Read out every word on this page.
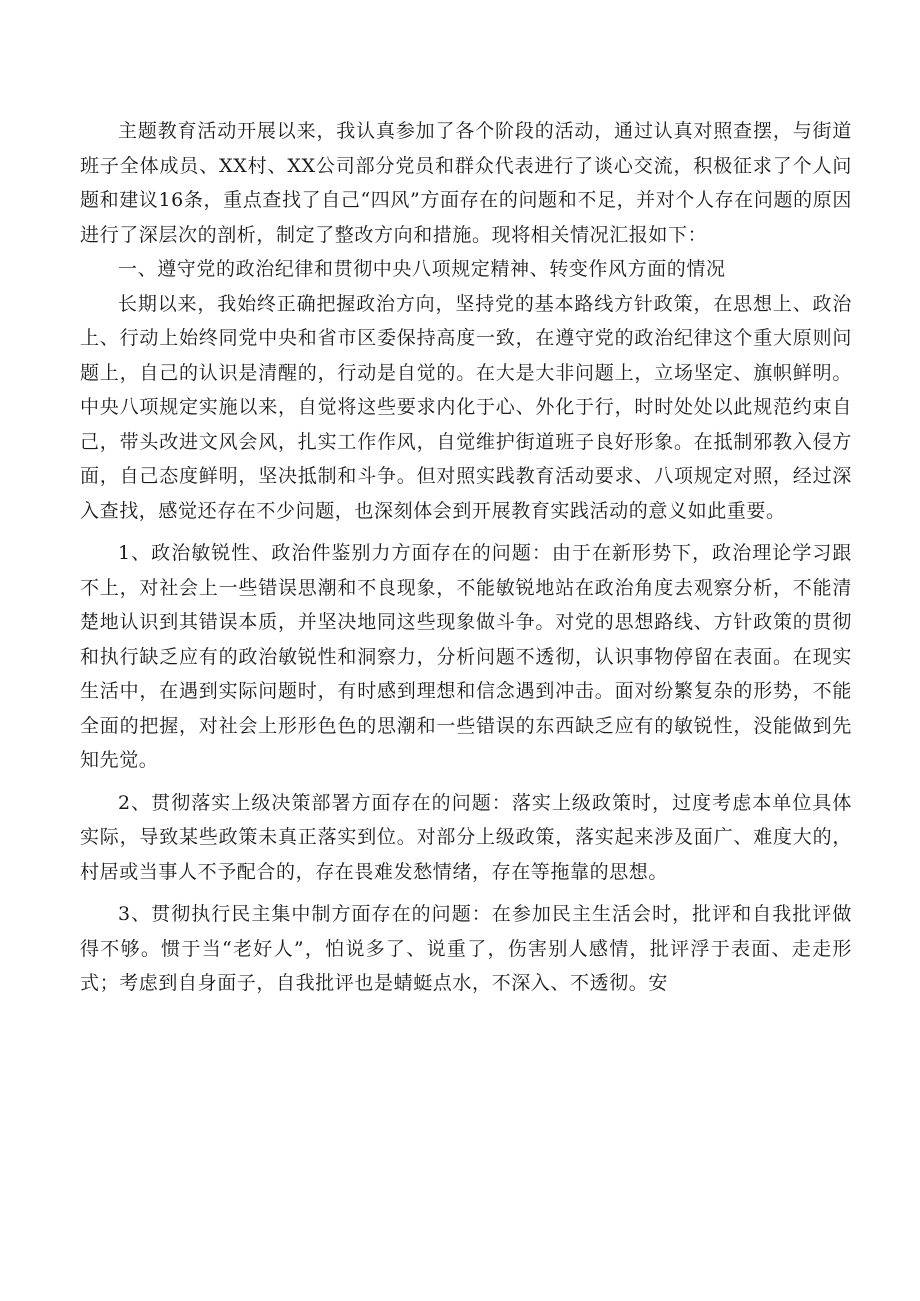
主题教育活动开展以来，我认真参加了各个阶段的活动，通过认真对照查摆，与街道班子全体成员、XX村、XX公司部分党员和群众代表进行了谈心交流，积极征求了个人问题和建议16条，重点查找了自己“四风”方面存在的问题和不足，并对个人存在问题的原因进行了深层次的剖析，制定了整改方向和措施。现将相关情况汇报如下：

一、遵守党的政治纪律和贯彻中央八项规定精神、转变作风方面的情况

长期以来，我始终正确把握政治方向，坚持党的基本路线方针政策，在思想上、政治上、行动上始终同党中央和省市区委保持高度一致，在遵守党的政治纪律这个重大原则问题上，自己的认识是清醒的，行动是自觉的。在大是大非问题上，立场坚定、旗帜鲜明。中央八项规定实施以来，自觉将这些要求内化于心、外化于行，时时处处以此规范约束自己，带头改进文风会风，扎实工作作风，自觉维护街道班子良好形象。在抵制邪教入侵方面，自己态度鲜明，坚决抵制和斗争。但对照实践教育活动要求、八项规定对照，经过深入查找，感觉还存在不少问题，也深刻体会到开展教育实践活动的意义如此重要。

1、政治敏锐性、政治件鉴别力方面存在的问题：由于在新形势下，政治理论学习跟不上，对社会上一些错误思潮和不良现象，不能敏锐地站在政治角度去观察分析，不能清楚地认识到其错误本质，并坚决地同这些现象做斗争。对党的思想路线、方针政策的贯彻和执行缺乏应有的政治敏锐性和洞察力，分析问题不透彻，认识事物停留在表面。在现实生活中，在遇到实际问题时，有时感到理想和信念遇到冲击。面对纷繁复杂的形势，不能全面的把握，对社会上形形色色的思潮和一些错误的东西缺乏应有的敏锐性，没能做到先知先觉。

2、贯彻落实上级决策部署方面存在的问题：落实上级政策时，过度考虑本单位具体实际，导致某些政策未真正落实到位。对部分上级政策，落实起来涉及面广、难度大的，村居或当事人不予配合的，存在畏难发愁情绪，存在等拖靠的思想。

3、贯彻执行民主集中制方面存在的问题：在参加民主生活会时，批评和自我批评做得不够。惯于当“老好人”，怕说多了、说重了，伤害别人感情，批评浮于表面、走走形式；考虑到自身面子，自我批评也是蜻蜓点水，不深入、不透彻。安
